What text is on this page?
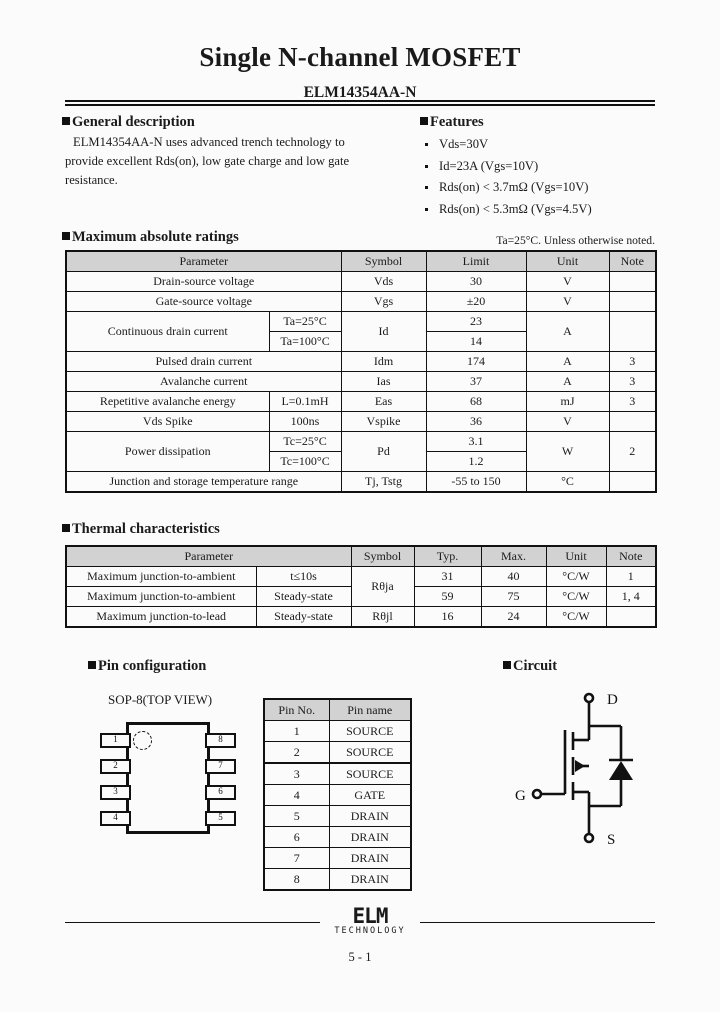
Single N-channel MOSFET
ELM14354AA-N
General description
ELM14354AA-N uses advanced trench technology to provide excellent Rds(on), low gate charge and low gate resistance.
Features
Vds=30V
Id=23A (Vgs=10V)
Rds(on) < 3.7mΩ (Vgs=10V)
Rds(on) < 5.3mΩ (Vgs=4.5V)
Maximum absolute ratings	Ta=25°C. Unless otherwise noted.
Parameter		Symbol	Limit	Unit	Note
Drain-source voltage		Vds	30	V	
Gate-source voltage		Vgs	±20	V	
Continuous drain current	Ta=25°C	Id	23	A	
	Ta=100°C		14		
Pulsed drain current		Idm	174	A	3
Avalanche current		Ias	37	A	3
Repetitive avalanche energy	L=0.1mH	Eas	68	mJ	3
Vds Spike	100ns	Vspike	36	V	
Power dissipation	Tc=25°C	Pd	3.1	W	2
	Tc=100°C		1.2		
Junction and storage temperature range		Tj, Tstg	-55 to 150	°C	
Thermal characteristics
Parameter		Symbol	Typ.	Max.	Unit	Note
Maximum junction-to-ambient	t≤10s	Rθja	31	40	°C/W	1
Maximum junction-to-ambient	Steady-state		59	75	°C/W	1, 4
Maximum junction-to-lead	Steady-state	Rθjl	16	24	°C/W	
Pin configuration
SOP-8(TOP VIEW)
1
2
3
4
8
7
6
5
Pin No.	Pin name
1	SOURCE
2	SOURCE
3	SOURCE
4	GATE
5	DRAIN
6	DRAIN
7	DRAIN
8	DRAIN
Circuit
D
G
S
ELM
TECHNOLOGY
5 - 1
